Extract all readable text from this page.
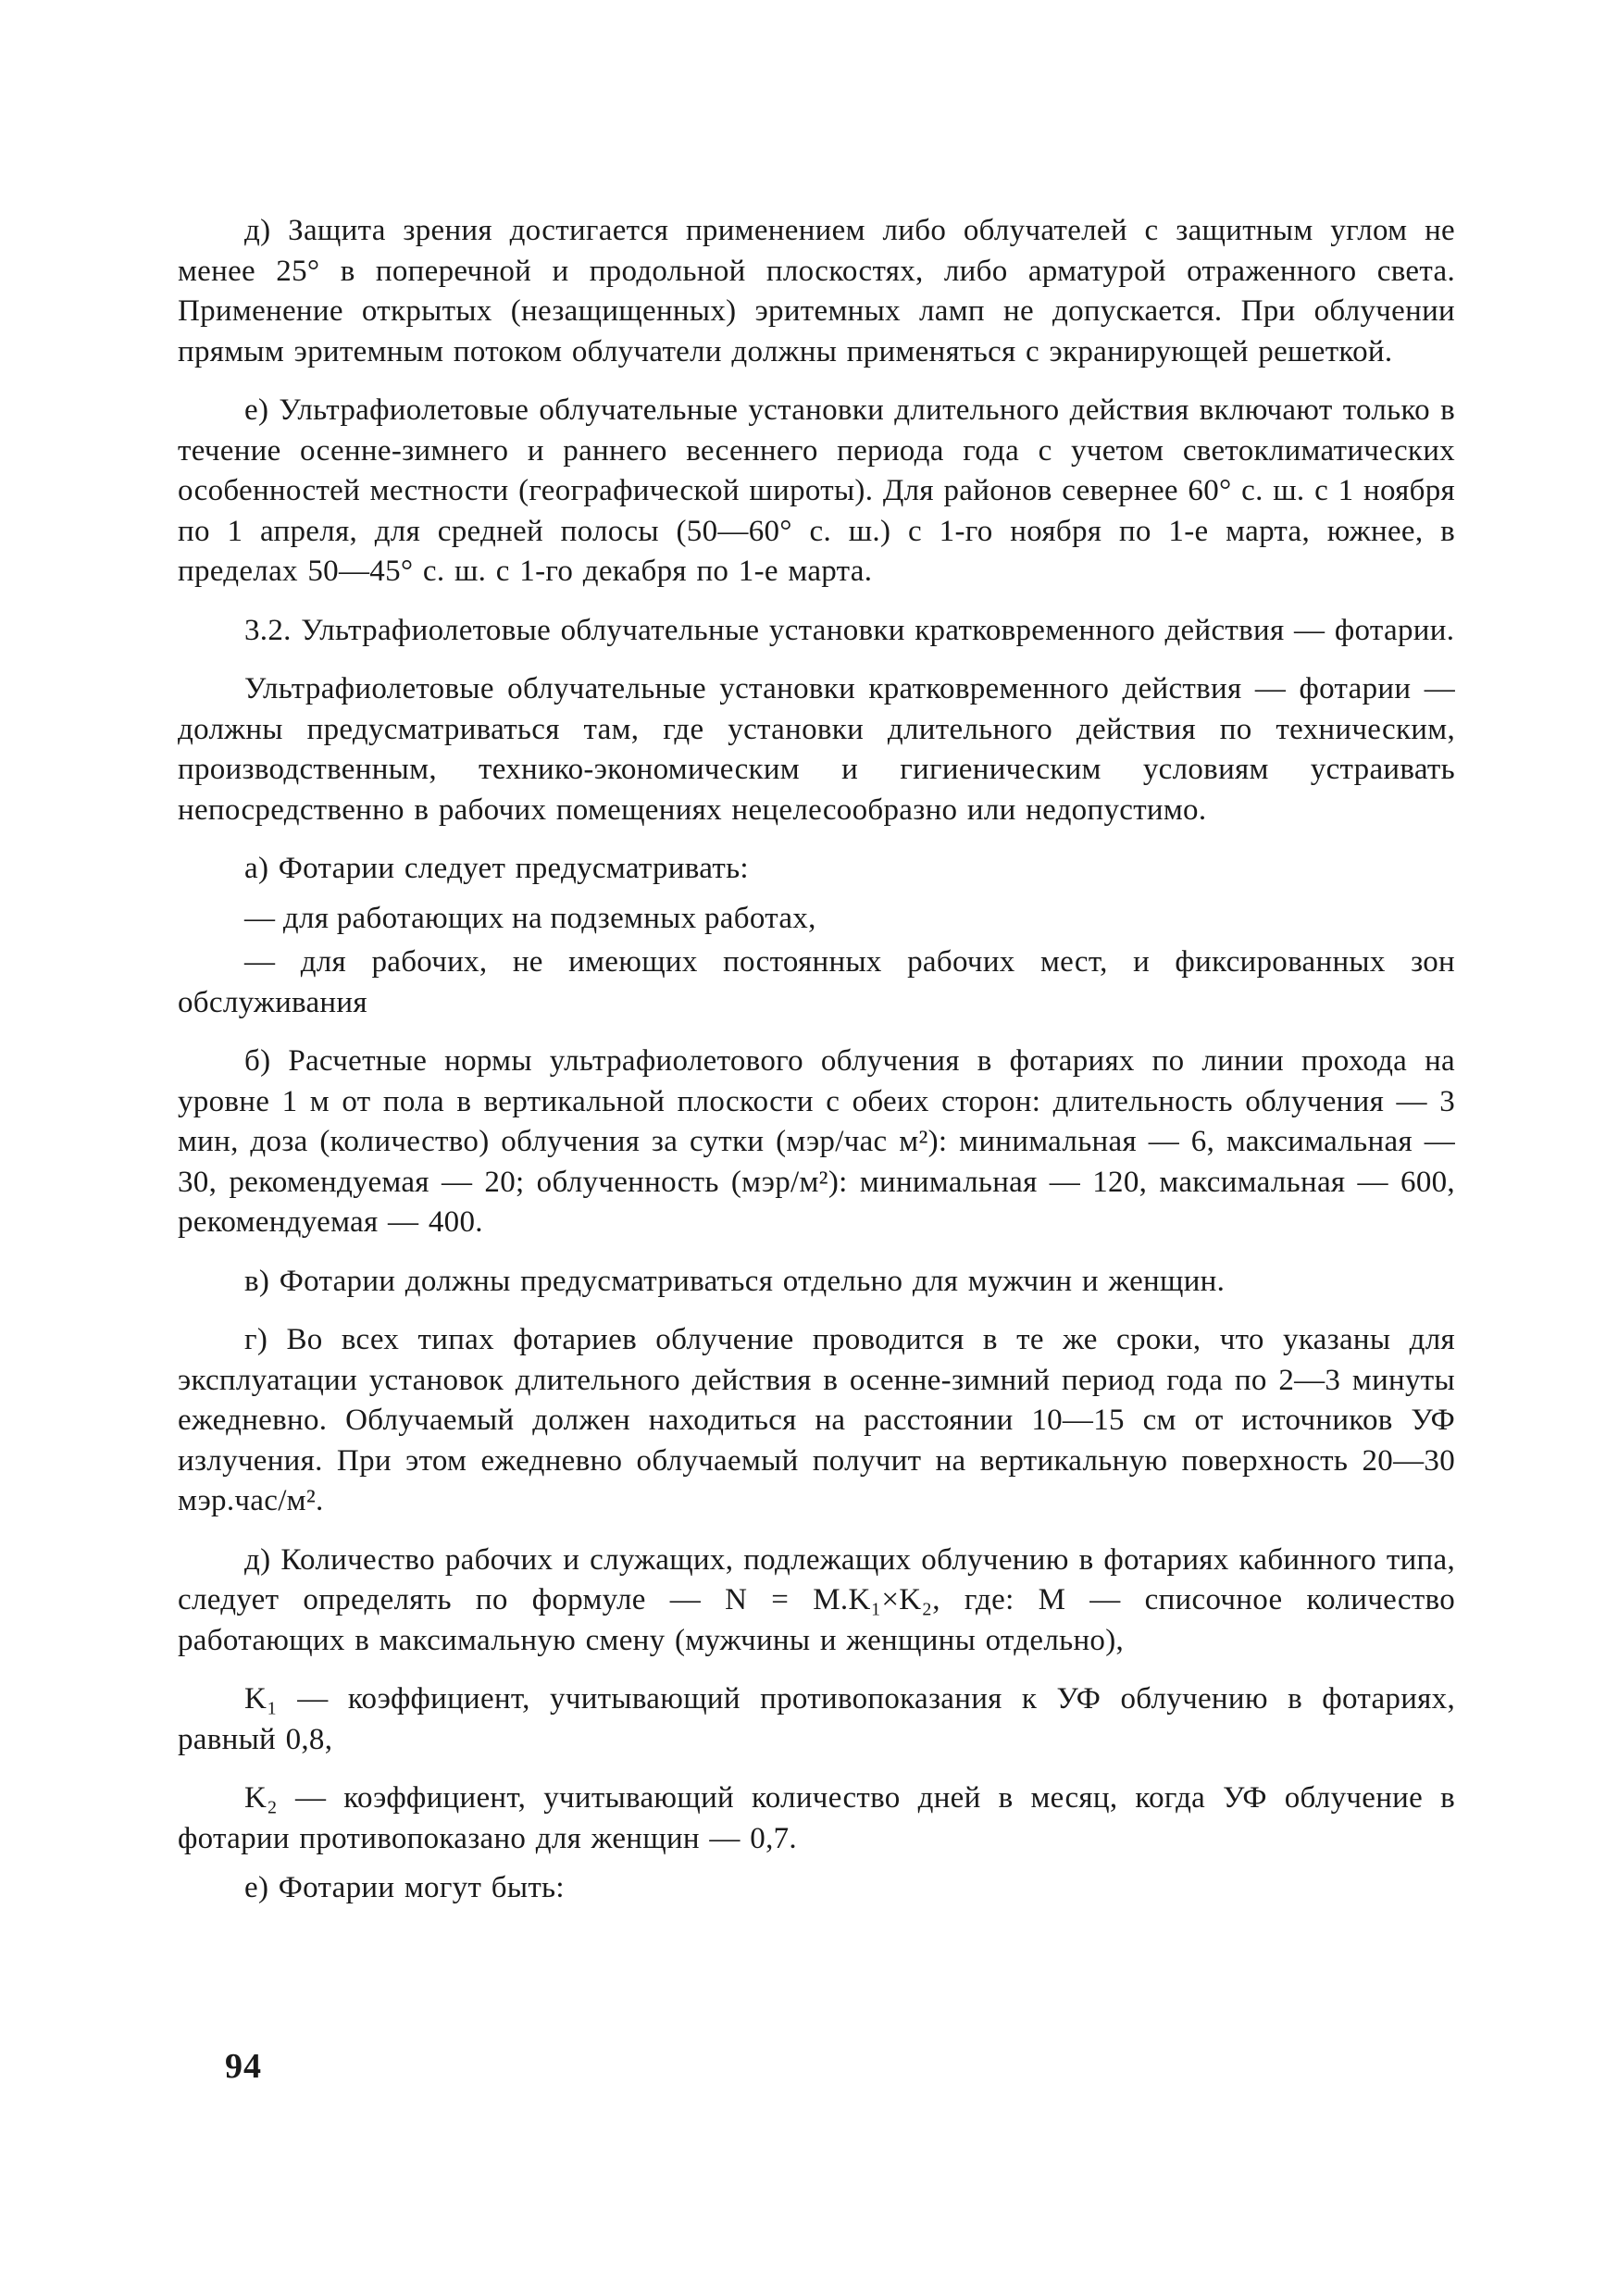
д) Защита зрения достигается применением либо облучателей с защитным углом не менее 25° в поперечной и продольной плоскостях, либо арматурой отраженного света. Применение открытых (незащищенных) эритемных ламп не допускается. При облучении прямым эритемным потоком облучатели должны применяться с экранирующей решеткой.

е) Ультрафиолетовые облучательные установки длительного действия включают только в течение осенне-зимнего и раннего весеннего периода года с учетом светоклиматических особенностей местности (географической широты). Для районов севернее 60° с. ш. с 1 ноября по 1 апреля, для средней полосы (50—60° с. ш.) с 1-го ноября по 1-е марта, южнее, в пределах 50—45° с. ш. с 1-го декабря по 1-е марта.

3.2. Ультрафиолетовые облучательные установки кратковременного действия — фотарии.

Ультрафиолетовые облучательные установки кратковременного действия — фотарии — должны предусматриваться там, где установки длительного действия по техническим, производственным, технико-экономическим и гигиеническим условиям устраивать непосредственно в рабочих помещениях нецелесообразно или недопустимо.

а) Фотарии следует предусматривать:

— для работающих на подземных работах,

— для рабочих, не имеющих постоянных рабочих мест, и фиксированных зон обслуживания

б) Расчетные нормы ультрафиолетового облучения в фотариях по линии прохода на уровне 1 м от пола в вертикальной плоскости с обеих сторон: длительность облучения — 3 мин, доза (количество) облучения за сутки (мэр/час м²): минимальная — 6, максимальная — 30, рекомендуемая — 20; облученность (мэр/м²): минимальная — 120, максимальная — 600, рекомендуемая — 400.

в) Фотарии должны предусматриваться отдельно для мужчин и женщин.

г) Во всех типах фотариев облучение проводится в те же сроки, что указаны для эксплуатации установок длительного действия в осенне-зимний период года по 2—3 минуты ежедневно. Облучаемый должен находиться на расстоянии 10—15 см от источников УФ излучения. При этом ежедневно облучаемый получит на вертикальную поверхность 20—30 мэр.час/м².

д) Количество рабочих и служащих, подлежащих облучению в фотариях кабинного типа, следует определять по формуле — N = M.K₁×K₂, где: M — списочное количество работающих в максимальную смену (мужчины и женщины отдельно),

K₁ — коэффициент, учитывающий противопоказания к УФ облучению в фотариях, равный 0,8,

K₂ — коэффициент, учитывающий количество дней в месяц, когда УФ облучение в фотарии противопоказано для женщин — 0,7.

е) Фотарии могут быть:

94
